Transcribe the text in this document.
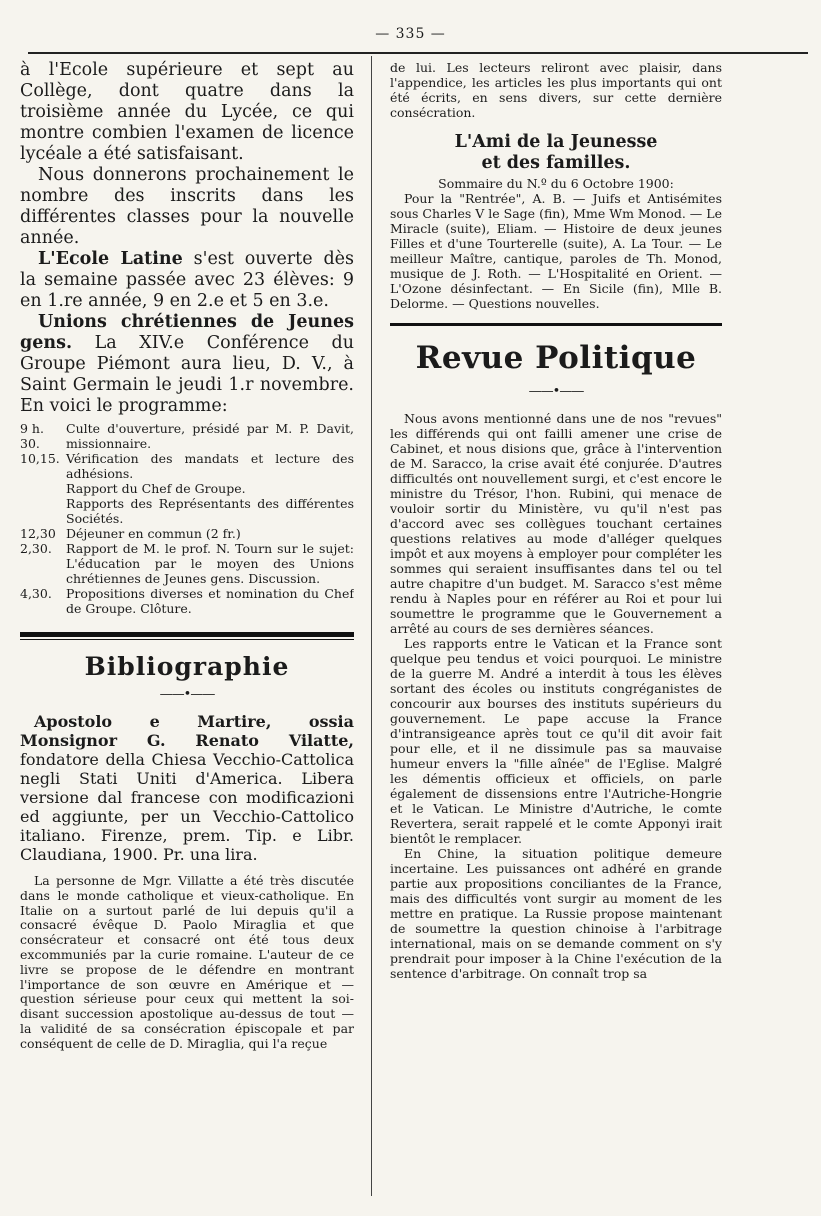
— 335 —

à l'Ecole supérieure et sept au Collège, dont quatre dans la troisième année du Lycée, ce qui montre combien l'examen de licence lycéale a été satisfaisant.

Nous donnerons prochainement le nombre des inscrits dans les différentes classes pour la nouvelle année.

L'Ecole Latine s'est ouverte dès la semaine passée avec 23 élèves: 9 en 1.re année, 9 en 2.e et 5 en 3.e.

Unions chrétiennes de Jeunes gens. La XIV.e Conférence du Groupe Piémont aura lieu, D. V., à Saint Germain le jeudi 1.r novembre. En voici le programme:

9 h. 30.
Culte d'ouverture, présidé par M. P. Davit, missionnaire.
10,15. Vérification des mandats et lecture des adhésions.
Rapport du Chef de Groupe.
Rapports des Représentants des différentes Sociétés.
12,30 Déjeuner en commun (2 fr.)
2,30.	Rapport de M. le prof. N. Tourn sur le sujet: L'éducation par le moyen des Unions chrétiennes de Jeunes gens. Discussion.
4,30.	Propositions diverses et nomination du Chef de Groupe. Clôture.
Bibliographie
——•——

Apostolo e Martire, ossia Monsignor G. Renato Vilatte, fondatore della Chiesa Vecchio-Cattolica negli Stati Uniti d'America. Libera versione dal francese con modificazioni ed aggiunte, per un Vecchio-Cattolico italiano. Firenze, prem. Tip. e Libr. Claudiana, 1900. Pr. una lira.

La personne de Mgr. Villatte a été très discutée dans le monde catholique et vieux-catholique. En Italie on a surtout parlé de lui depuis qu'il a consacré évêque D. Paolo Miraglia et que consécrateur et consacré ont été tous deux excommuniés par la curie romaine. L'auteur de ce livre se propose de le défendre en montrant l'importance de son œuvre en Amérique et — question sérieuse pour ceux qui mettent la soi-disant succession apostolique au-dessus de tout — la validité de sa consécration épiscopale et par conséquent de celle de D. Miraglia, qui l'a reçue

de lui. Les lecteurs reliront avec plaisir, dans l'appendice, les articles les plus importants qui ont été écrits, en sens divers, sur cette dernière consécration.

L'Ami de la Jeunesse
et des familles.
Sommaire du N.º du 6 Octobre 1900:

Pour la "Rentrée", A. B. — Juifs et Antisémites sous Charles V le Sage (fin), Mme Wm Monod. — Le Miracle (suite), Eliam. — Histoire de deux jeunes Filles et d'une Tourterelle (suite), A. La Tour. — Le meilleur Maître, cantique, paroles de Th. Monod, musique de J. Roth. — L'Hospitalité en Orient. — L'Ozone désinfectant. — En Sicile (fin), Mlle B. Delorme. — Questions nouvelles.

Revue Politique
——•——

Nous avons mentionné dans une de nos "revues" les différends qui ont failli amener une crise de Cabinet, et nous disions que, grâce à l'intervention de M. Saracco, la crise avait été conjurée. D'autres difficultés ont nouvellement surgi, et c'est encore le ministre du Trésor, l'hon. Rubini, qui menace de vouloir sortir du Ministère, vu qu'il n'est pas d'accord avec ses collègues touchant certaines questions relatives au mode d'alléger quelques impôt et aux moyens à employer pour compléter les sommes qui seraient insuffisantes dans tel ou tel autre chapitre d'un budget. M. Saracco s'est même rendu à Naples pour en référer au Roi et pour lui soumettre le programme que le Gouvernement a arrêté au cours de ses dernières séances.

Les rapports entre le Vatican et la France sont quelque peu tendus et voici pourquoi. Le ministre de la guerre M. André a interdit à tous les élèves sortant des écoles ou instituts congréganistes de concourir aux bourses des instituts supérieurs du gouvernement. Le pape accuse la France d'intransigeance après tout ce qu'il dit avoir fait pour elle, et il ne dissimule pas sa mauvaise humeur envers la "fille aînée" de l'Eglise. Malgré les démentis officieux et officiels, on parle également de dissensions entre l'Autriche-Hongrie et le Vatican. Le Ministre d'Autriche, le comte Revertera, serait rappelé et le comte Apponyi irait bientôt le remplacer.

En Chine, la situation politique demeure incertaine. Les puissances ont adhéré en grande partie aux propositions conciliantes de la France, mais des difficultés vont surgir au moment de les mettre en pratique. La Russie propose maintenant de soumettre la question chinoise à l'arbitrage international, mais on se demande comment on s'y prendrait pour imposer à la Chine l'exécution de la sentence d'arbitrage. On connaît trop sa
